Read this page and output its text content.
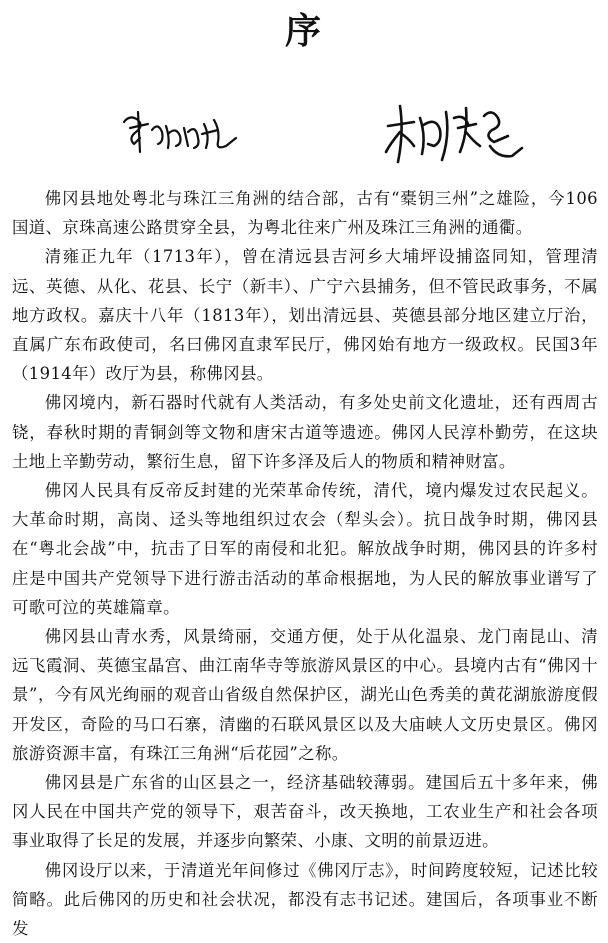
序

佛冈县地处粤北与珠江三角洲的结合部，古有“橐钥三州”之雄险，今106国道、京珠高速公路贯穿全县，为粤北往来广州及珠江三角洲的通衢。

清雍正九年（1713年），曾在清远县吉河乡大埔坪设捕盗同知，管理清远、英德、从化、花县、长宁（新丰）、广宁六县捕务，但不管民政事务，不属地方政权。嘉庆十八年（1813年），划出清远县、英德县部分地区建立厅治，直属广东布政使司，名曰佛冈直隶军民厅，佛冈始有地方一级政权。民国3年（1914年）改厅为县，称佛冈县。

佛冈境内，新石器时代就有人类活动，有多处史前文化遗址，还有西周古铙，春秋时期的青铜剑等文物和唐宋古道等遗迹。佛冈人民淳朴勤劳，在这块土地上辛勤劳动，繁衍生息，留下许多泽及后人的物质和精神财富。

佛冈人民具有反帝反封建的光荣革命传统，清代，境内爆发过农民起义。大革命时期，高岗、迳头等地组织过农会（犁头会）。抗日战争时期，佛冈县在“粤北会战”中，抗击了日军的南侵和北犯。解放战争时期，佛冈县的许多村庄是中国共产党领导下进行游击活动的革命根据地，为人民的解放事业谱写了可歌可泣的英雄篇章。

佛冈县山青水秀，风景绮丽，交通方便，处于从化温泉、龙门南昆山、清远飞霞洞、英德宝晶宫、曲江南华寺等旅游风景区的中心。县境内古有“佛冈十景”，今有风光绚丽的观音山省级自然保护区，湖光山色秀美的黄花湖旅游度假开发区，奇险的马口石寨，清幽的石联风景区以及大庙峡人文历史景区。佛冈旅游资源丰富，有珠江三角洲“后花园”之称。

佛冈县是广东省的山区县之一，经济基础较薄弱。建国后五十多年来，佛冈人民在中国共产党的领导下，艰苦奋斗，改天换地，工农业生产和社会各项事业取得了长足的发展，并逐步向繁荣、小康、文明的前景迈进。

佛冈设厅以来，于清道光年间修过《佛冈厅志》，时间跨度较短，记述比较简略。此后佛冈的历史和社会状况，都没有志书记述。建国后，各项事业不断发
